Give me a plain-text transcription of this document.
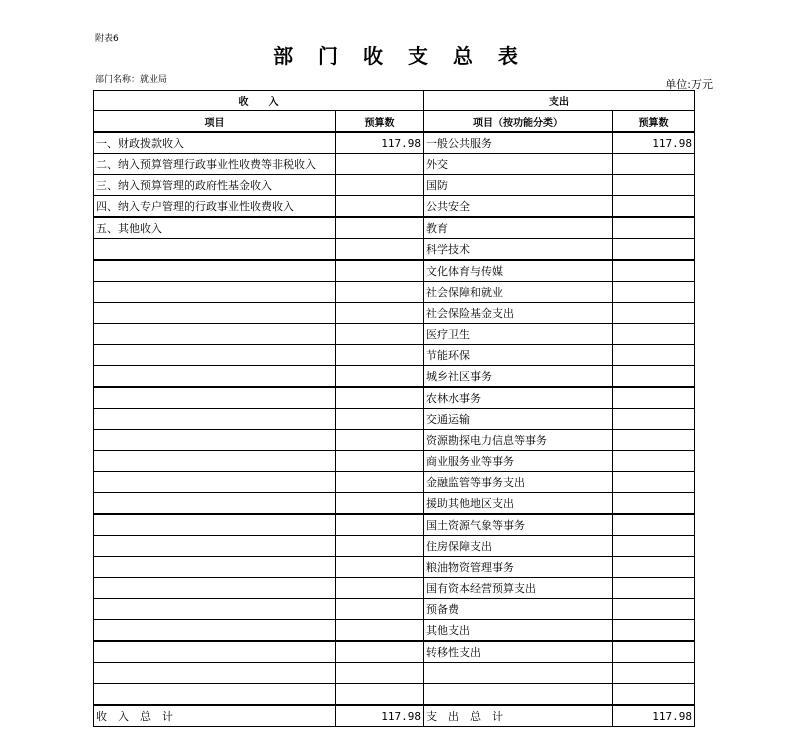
附表6
部 门 收 支 总 表
部门名称：就业局	单位:万元
收　　入		支出	
项目	预算数	项目（按功能分类）	预算数
一、财政拨款收入	117.98	一般公共服务	117.98
二、纳入预算管理行政事业性收费等非税收入		外交	
三、纳入预算管理的政府性基金收入		国防	
四、纳入专户管理的行政事业性收费收入		公共安全	
五、其他收入		教育	
		科学技术	
		文化体育与传媒	
		社会保障和就业	
		社会保险基金支出	
		医疗卫生	
		节能环保	
		城乡社区事务	
		农林水事务	
		交通运输	
		资源勘探电力信息等事务	
		商业服务业等事务	
		金融监管等事务支出	
		援助其他地区支出	
		国土资源气象等事务	
		住房保障支出	
		粮油物资管理事务	
		国有资本经营预算支出	
		预备费	
		其他支出	
		转移性支出	

收入总计	117.98	支出总计	117.98
